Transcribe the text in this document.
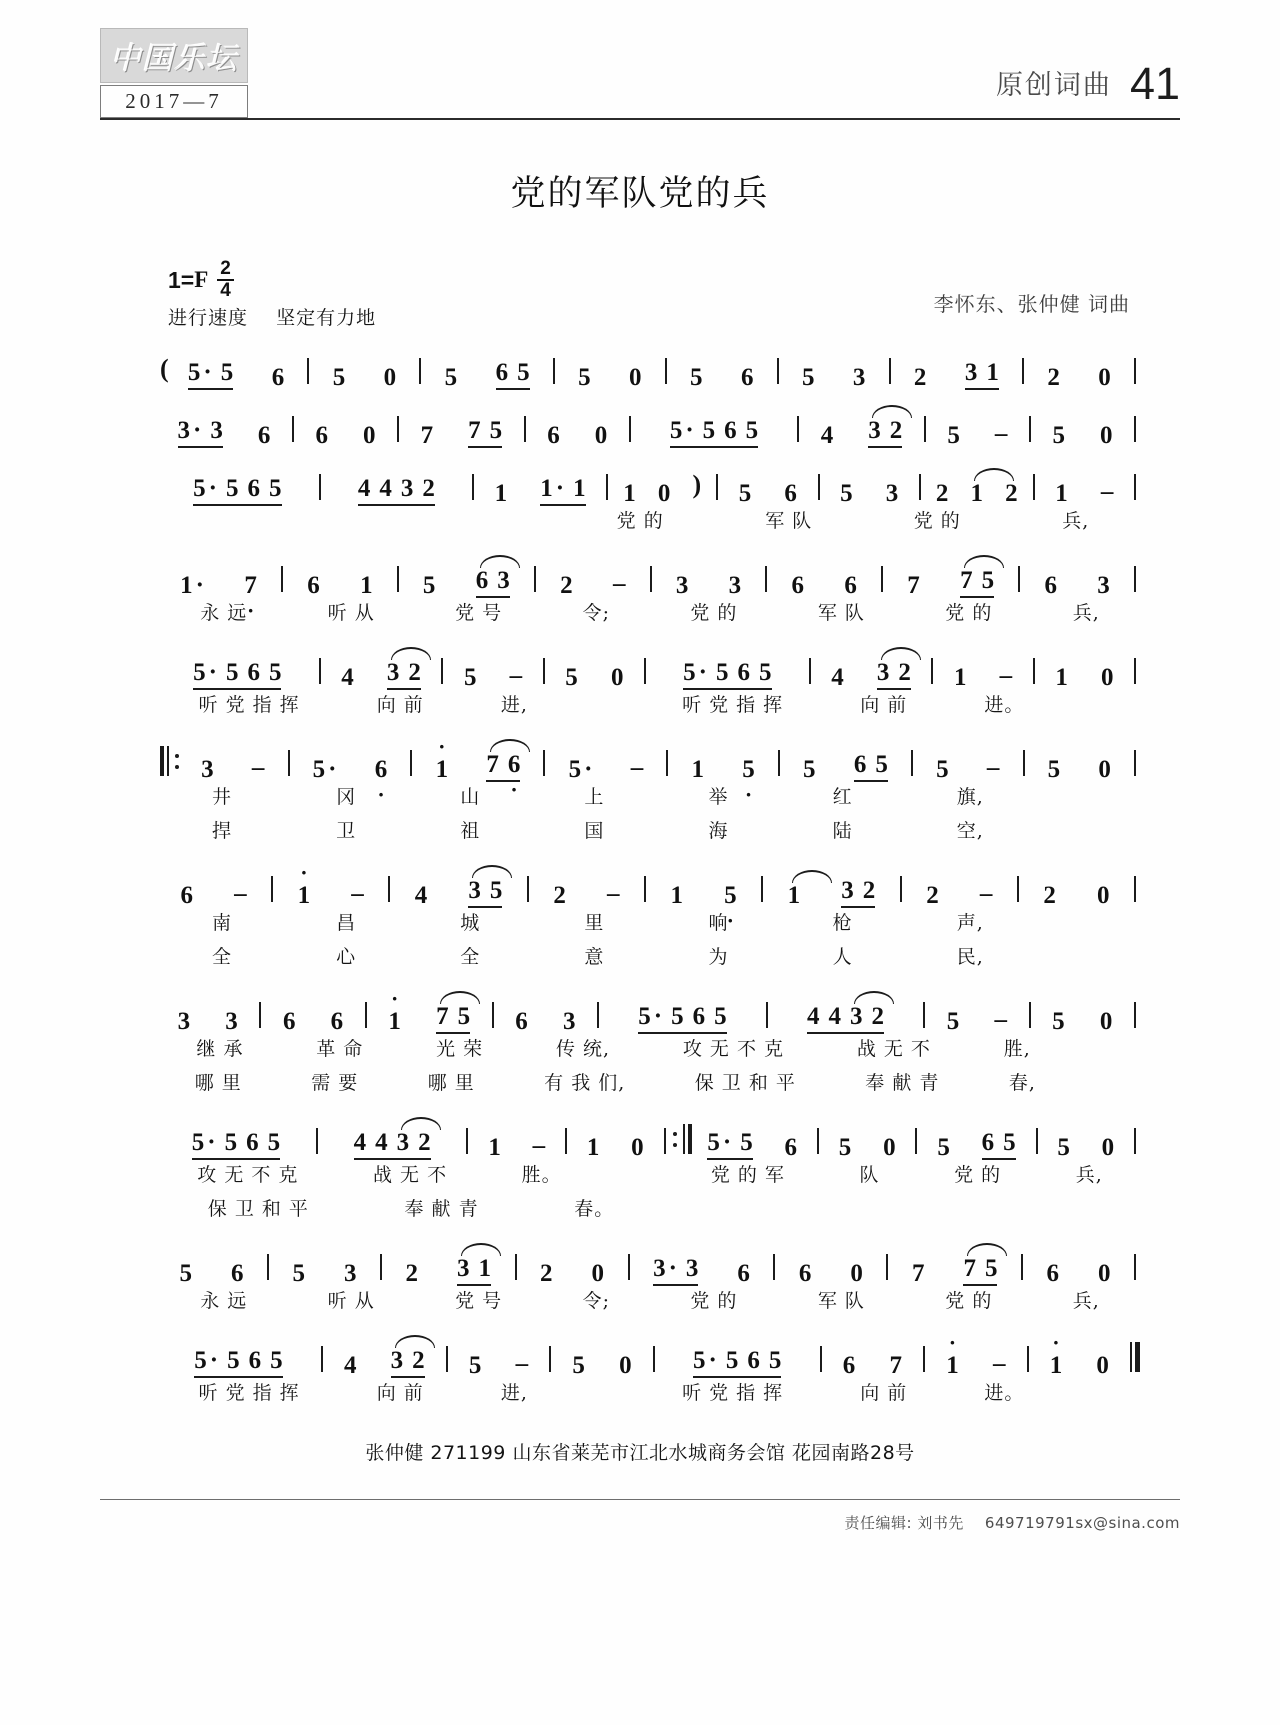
中国乐坛
2017—7
原创词曲 41
党的军队党的兵
1= F $\frac{2}{4}$
进行速度 坚定有力地
李怀东、张仲健 词曲
( 5 · 5 6 5 0 5 6 5 5 0 5 6 5 3 2 3 1 2 0
3 · 3 6 6 0 7 7 5 6 0	5 · 5 6 5	4 3 2 5 – 5 0
5 · 5 6 5	4 4 3 2 1 1 · 1 1 0 ) 5 6 5 3 2 1 2 1 –
党 的	军 队	党 的	兵,
1 ·	7 · 6 1 5 6 3 2 – 3 3 6 6 7 7 5 6 3
永 远	听 从	党 号	令;	党 的	军 队	党 的	兵,
5 · 5 6 5 4 3 2 5 – 5 0 5 · 5 6 5 4 3 2 1 – 1 0
听 党 指 挥	向 前	进,	听 党 指 挥	向 前	进。
3 – 5 ·	6 · · 1 7 6 · 5 ·	– 1 5 · 5 6 5 5 – 5 0
井	冈	山	上	举	红	旗,
捍	卫	祖	国	海	陆	空,
6 – · 1 – 4 3 5 2 – 1 5 · 1 3 2 2 – 2 0
南	昌	城	里	响	枪	声,
全	心	全	意	为	人	民,
3 3 6 6 · 1 7 5 6 3	5 · 5 6 5	4 4 3 2	5 – 5 0
继 承	革 命	光 荣	传 统,	攻 无 不 克	战 无 不	胜,
哪 里	需 要	哪 里	有 我 们,	保 卫 和 平	奉 献 青	春,
5 · 5 6 5	4 4 3 2 1 – 1 0	5 · 5 6 5 0 5 6 5 5 0
攻 无 不 克	战 无 不	胜。	党 的 军	队	党 的	兵,
保 卫 和 平	奉 献 青	春。
5 6 5 3 2 3 1 2 0 3 · 3 6 6 0 7 7 5 6 0
永 远	听 从	党 号	令;	党 的	军 队	党 的	兵,
5 · 5 6 5 4 3 2 5 – 5 0 5 · 5 6 5 6 7 · 1 – · 1 0
听 党 指 挥	向 前	进,	听 党 指 挥	向 前	进。
张仲健 271199 山东省莱芜市江北水城商务会馆 花园南路28号
责任编辑: 刘书先 649719791sx@sina.com
